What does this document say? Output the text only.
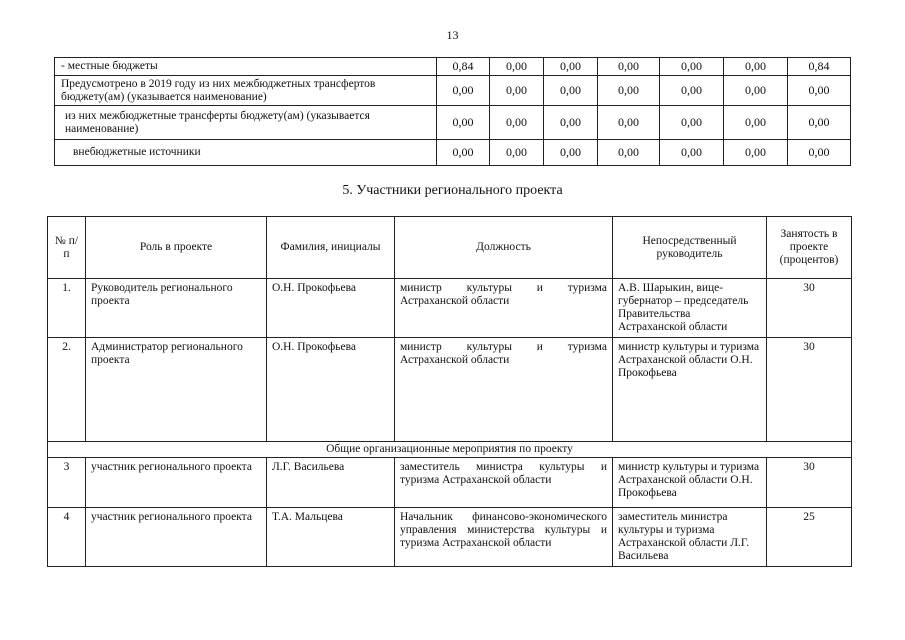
13
- местные бюджеты	0,84	0,00	0,00	0,00	0,00	0,00	0,84
Предусмотрено в 2019 году из них межбюджетных трансфертов бюджету(ам) (указывается наименование)	0,00	0,00	0,00	0,00	0,00	0,00	0,00
из них межбюджетные трансферты бюджету(ам) (указывается наименование)	0,00	0,00	0,00	0,00	0,00	0,00	0,00
внебюджетные источники	0,00	0,00	0,00	0,00	0,00	0,00	0,00
5. Участники регионального проекта
№ п/п	Роль в проекте	Фамилия, инициалы	Должность	Непосредственный руководитель	Занятость в проекте (процентов)
1.	Руководитель регионального проекта	О.Н. Прокофьева	министр культуры и туризма Астраханской области	А.В. Шарыкин, вице-губернатор – председатель Правительства Астраханской области	30
2.	Администратор регионального проекта	О.Н. Прокофьева	министр культуры и туризма Астраханской области	министр культуры и туризма Астраханской области О.Н. Прокофьева	30
Общие организационные мероприятия по проекту					
3	участник регионального проекта	Л.Г. Васильева	заместитель министра культуры и туризма Астраханской области	министр культуры и туризма Астраханской области О.Н. Прокофьева	30
4	участник регионального проекта	Т.А. Мальцева	Начальник финансово-экономического управления министерства культуры и туризма Астраханской области	заместитель министра культуры и туризма Астраханской области Л.Г. Васильева	25
